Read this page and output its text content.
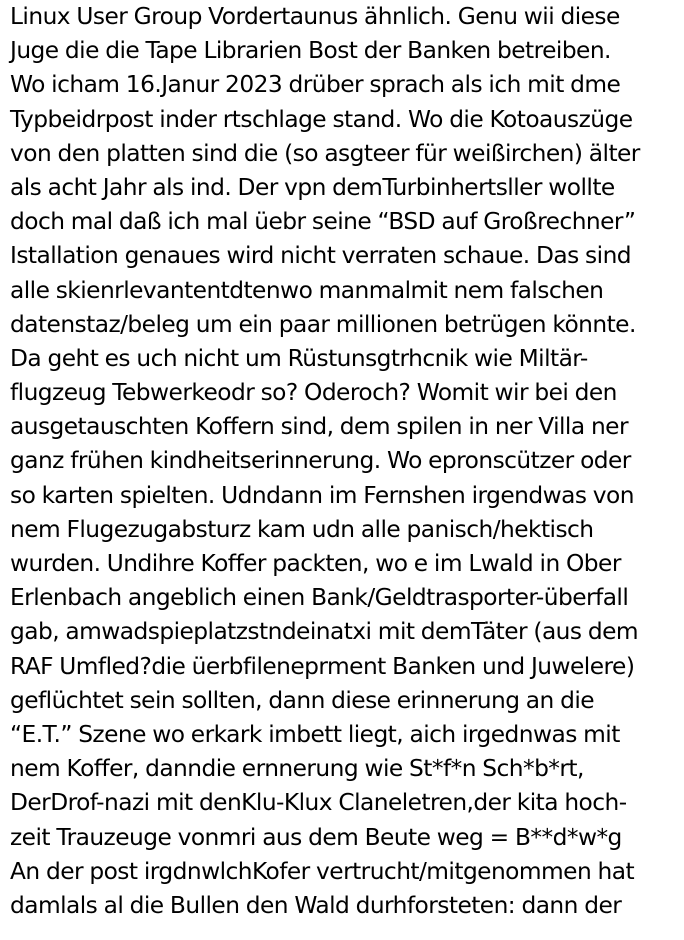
Linux User Group Vordertaunus ähnlich. Genu wii diese
Juge die die Tape Librarien Bost der Banken betreiben.
Wo icham 16.Janur 2023 drüber sprach als ich mit dme
Typbeidrpost inder rtschlage stand. Wo die Kotoauszüge
von den platten sind die (so asgteer für weißirchen) älter
als acht Jahr als ind. Der vpn demTurbinhertsller wollte
doch mal daß ich mal üebr seine “BSD auf Großrechner”
Istallation genaues wird nicht verraten schaue. Das sind
alle skienrlevantentdtenwo manmalmit nem falschen
datenstaz/beleg um ein paar millionen betrügen könnte.
Da geht es uch nicht um Rüstunsgtrhcnik wie Miltär-
flugzeug Tebwerkeodr so? Oderoch? Womit wir bei den
ausgetauschten Koffern sind, dem spilen in ner Villa ner
ganz frühen kindheitserinnerung. Wo epronscützer oder
so karten spielten. Udndann im Fernshen irgendwas von
nem Flugezugabsturz kam udn alle panisch/hektisch
wurden. Undihre Koffer packten, wo e im Lwald in Ober
Erlenbach angeblich einen Bank/Geldtrasporter-überfall
gab, amwadspieplatzstndeinatxi mit demTäter (aus dem
RAF Umfled?die üerbfileneprment Banken und Juwelere)
geflüchtet sein sollten, dann diese erinnerung an die
“E.T.” Szene wo erkark imbett liegt, aich irgednwas mit
nem Koffer, danndie ernnerung wie St*f*n Sch*b*rt,
DerDrof-nazi mit denKlu-Klux Claneletren,der kita hoch-
zeit Trauzeuge vonmri aus dem Beute weg = B**d*w*g
An der post irgdnwlchKofer vertrucht/mitgenommen hat
damlals al die Bullen den Wald durhforsteten: dann der
